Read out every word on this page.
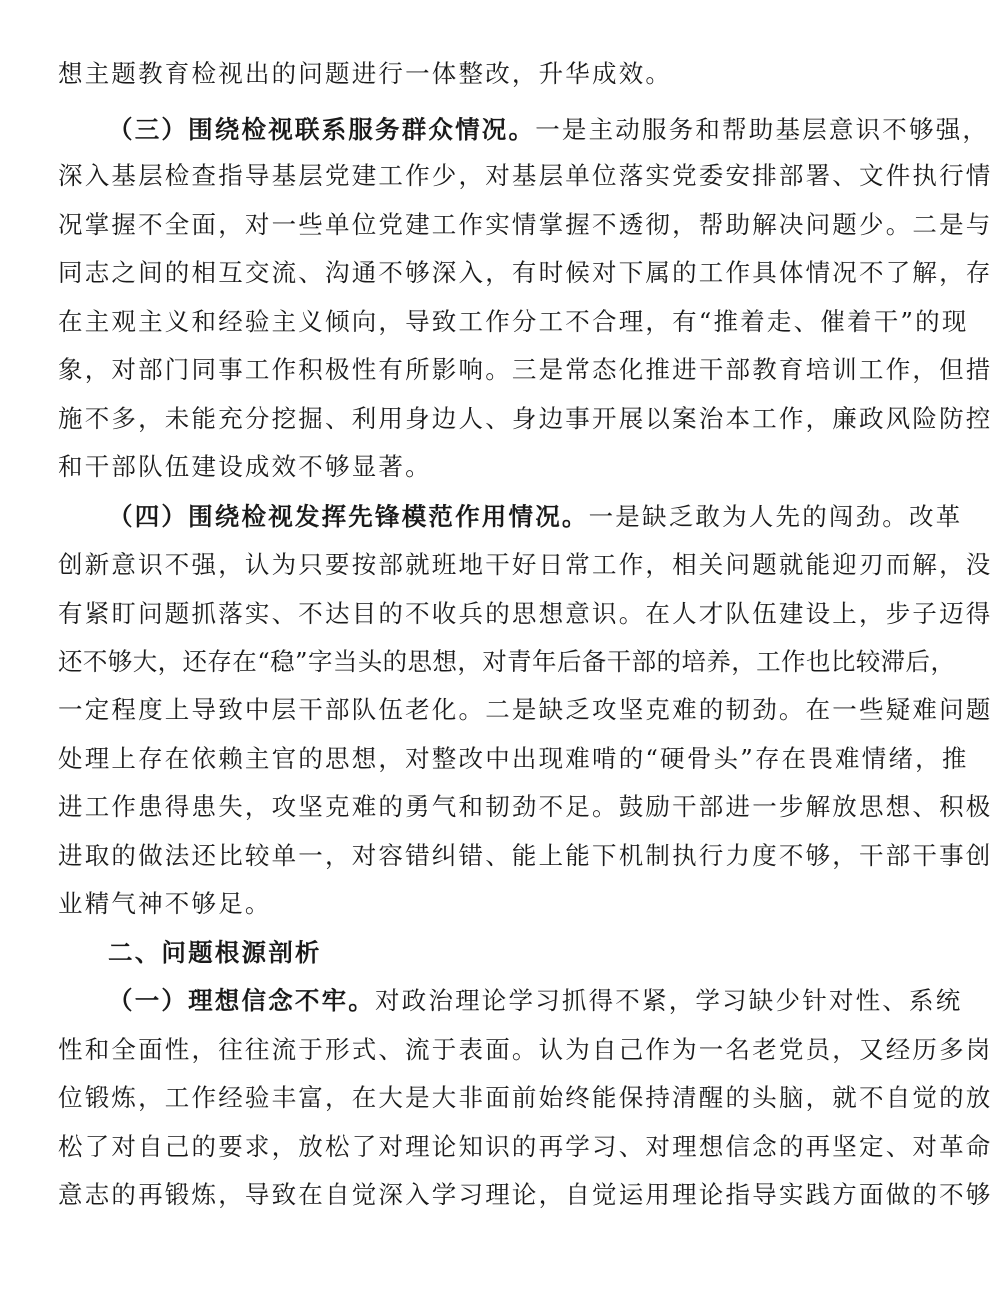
想主题教育检视出的问题进行一体整改，升华成效。
（三）围绕检视联系服务群众情况。一是主动服务和帮助基层意识不够强，
深入基层检查指导基层党建工作少，对基层单位落实党委安排部署、文件执行情
况掌握不全面，对一些单位党建工作实情掌握不透彻，帮助解决问题少。二是与
同志之间的相互交流、沟通不够深入，有时候对下属的工作具体情况不了解，存
在主观主义和经验主义倾向，导致工作分工不合理，有“推着走、催着干”的现
象，对部门同事工作积极性有所影响。三是常态化推进干部教育培训工作，但措
施不多，未能充分挖掘、利用身边人、身边事开展以案治本工作，廉政风险防控
和干部队伍建设成效不够显著。
（四）围绕检视发挥先锋模范作用情况。一是缺乏敢为人先的闯劲。改革
创新意识不强，认为只要按部就班地干好日常工作，相关问题就能迎刃而解，没
有紧盯问题抓落实、不达目的不收兵的思想意识。在人才队伍建设上，步子迈得
还不够大，还存在“稳”字当头的思想，对青年后备干部的培养，工作也比较滞后，
一定程度上导致中层干部队伍老化。二是缺乏攻坚克难的韧劲。在一些疑难问题
处理上存在依赖主官的思想，对整改中出现难啃的“硬骨头”存在畏难情绪，推
进工作患得患失，攻坚克难的勇气和韧劲不足。鼓励干部进一步解放思想、积极
进取的做法还比较单一，对容错纠错、能上能下机制执行力度不够，干部干事创
业精气神不够足。
二、问题根源剖析
（一）理想信念不牢。对政治理论学习抓得不紧，学习缺少针对性、系统
性和全面性，往往流于形式、流于表面。认为自己作为一名老党员，又经历多岗
位锻炼，工作经验丰富，在大是大非面前始终能保持清醒的头脑，就不自觉的放
松了对自己的要求，放松了对理论知识的再学习、对理想信念的再坚定、对革命
意志的再锻炼，导致在自觉深入学习理论，自觉运用理论指导实践方面做的不够
